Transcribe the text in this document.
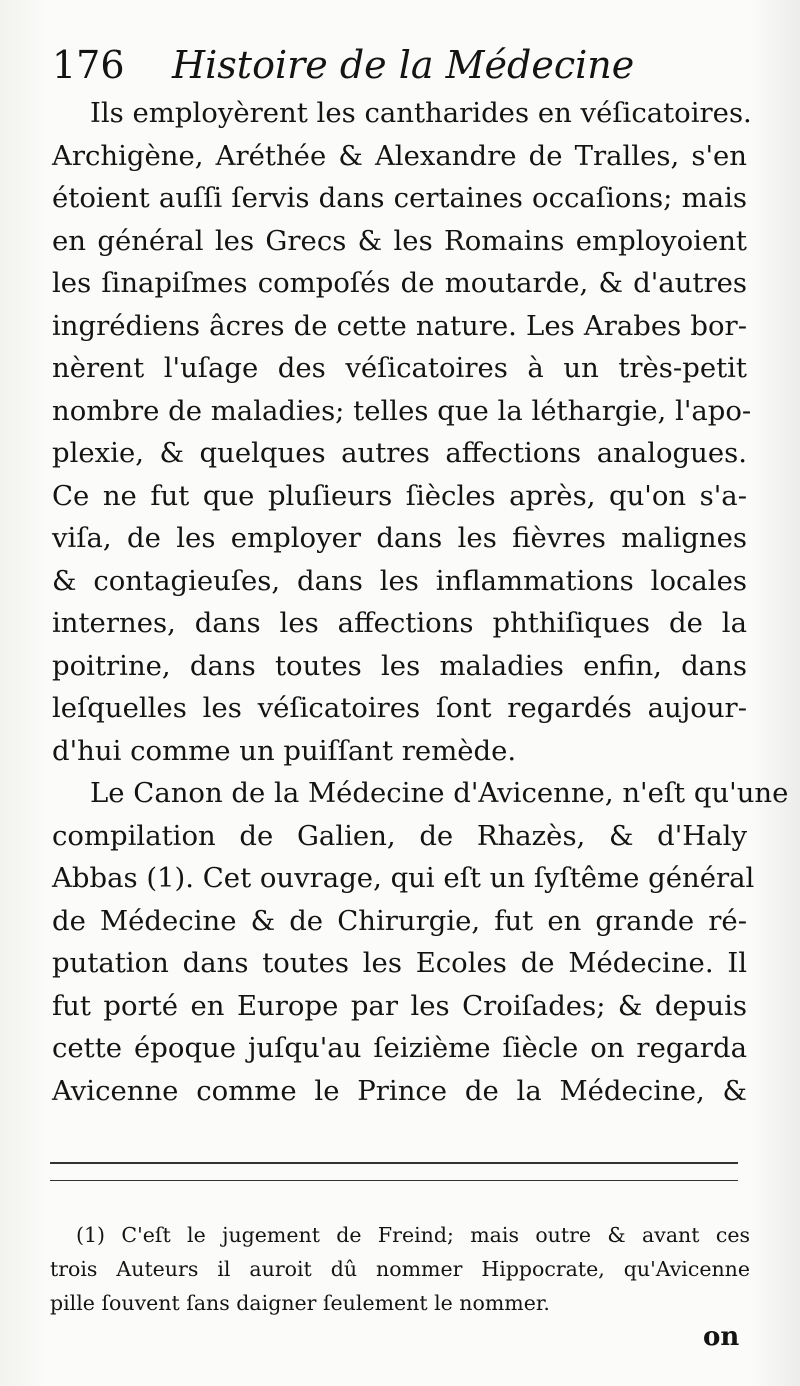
176 Histoire de la Médecine
Ils employèrent les cantharides en véſicatoires.
Archigène, Aréthée & Alexandre de Tralles, s'en
étoient auſſi ſervis dans certaines occaſions; mais
en général les Grecs & les Romains employoient
les ſinapiſmes compoſés de moutarde, & d'autres
ingrédiens âcres de cette nature. Les Arabes bor-
nèrent l'uſage des véſicatoires à un très-petit
nombre de maladies; telles que la léthargie, l'apo-
plexie, & quelques autres affections analogues.
Ce ne fut que pluſieurs ſiècles après, qu'on s'a-
viſa, de les employer dans les fièvres malignes
& contagieuſes, dans les inflammations locales
internes, dans les affections phthiſiques de la
poitrine, dans toutes les maladies enfin, dans
leſquelles les véſicatoires ſont regardés aujour-
d'hui comme un puiſſant remède.
Le Canon de la Médecine d'Avicenne, n'eſt qu'une
compilation de Galien, de Rhazès, & d'Haly
Abbas (1). Cet ouvrage, qui eſt un ſyſtême général
de Médecine & de Chirurgie, fut en grande ré-
putation dans toutes les Ecoles de Médecine. Il
fut porté en Europe par les Croiſades; & depuis
cette époque juſqu'au ſeizième ſiècle on regarda
Avicenne comme le Prince de la Médecine, &
(1) C'eſt le jugement de Freind; mais outre & avant ces
trois Auteurs il auroit dû nommer Hippocrate, qu'Avicenne
pille ſouvent ſans daigner ſeulement le nommer.
on
